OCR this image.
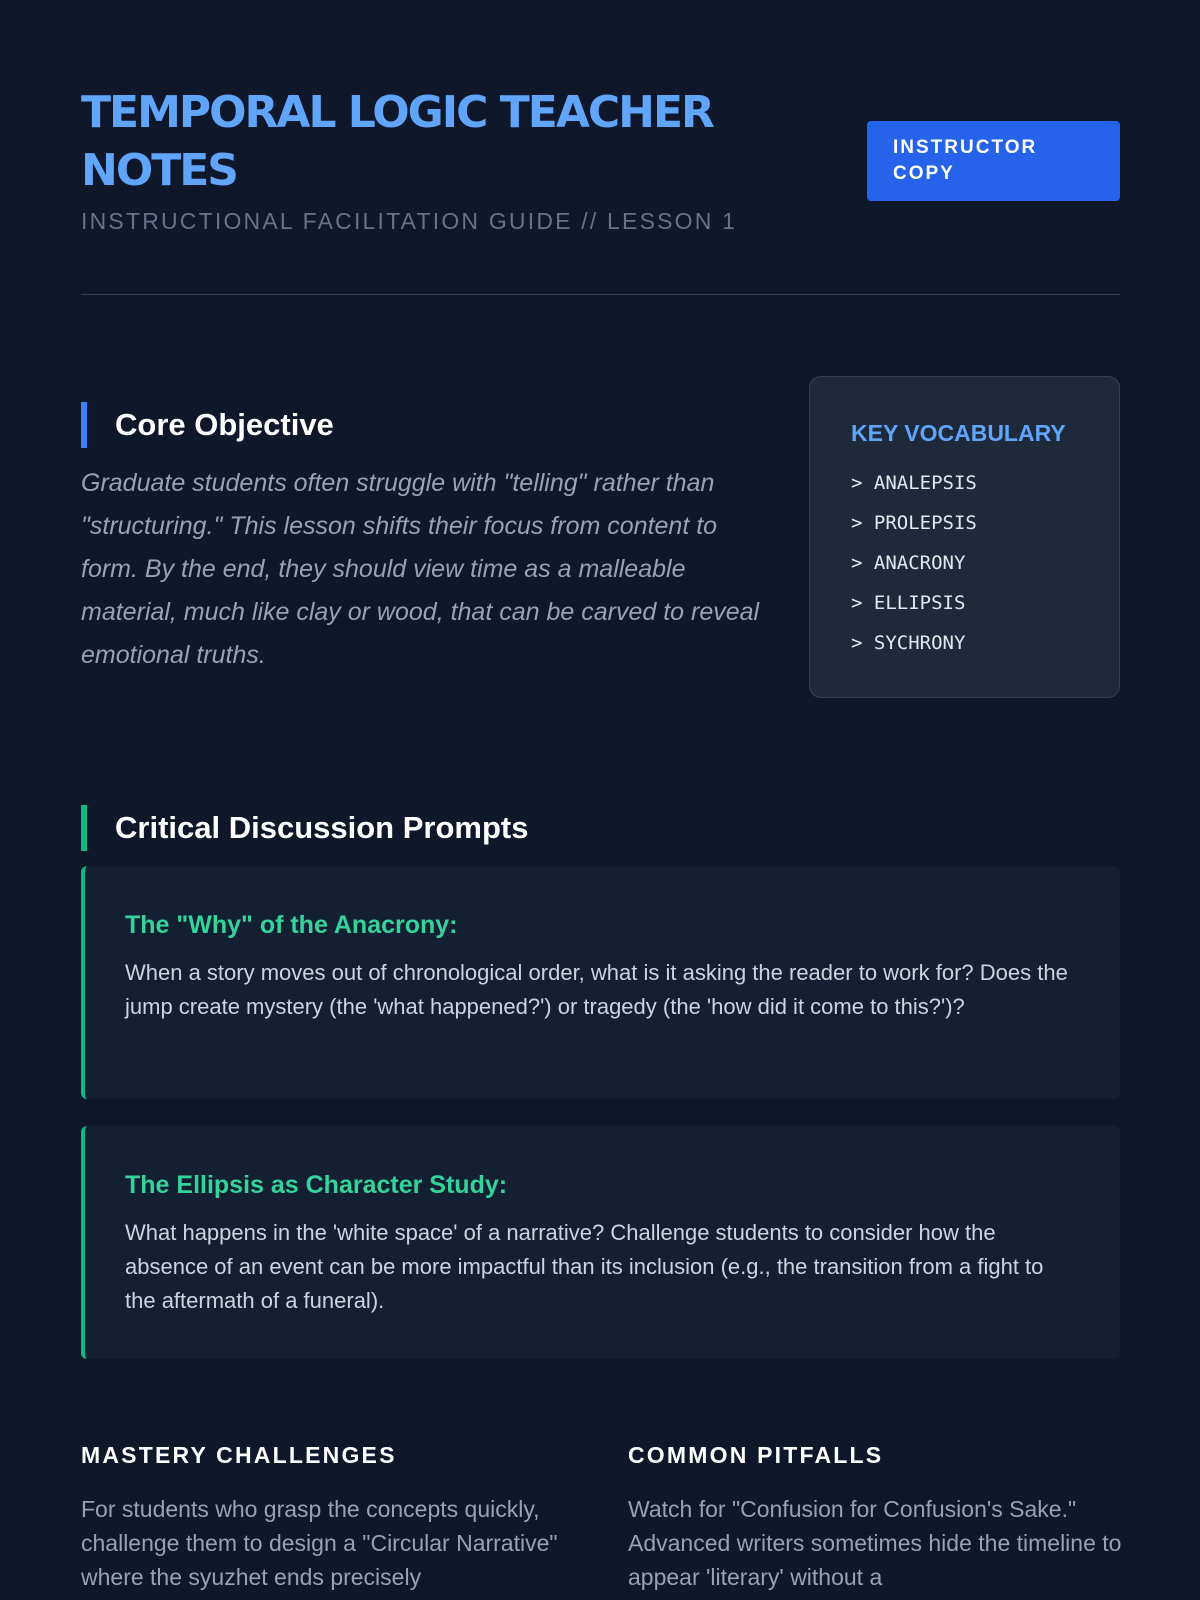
TEMPORAL LOGIC TEACHER NOTES

INSTRUCTIONAL FACILITATION GUIDE // LESSON 1

INSTRUCTOR COPY
Core Objective

Graduate students often struggle with "telling" rather than "structuring." This lesson shifts their focus from content to form. By the end, they should view time as a malleable material, much like clay or wood, that can be carved to reveal emotional truths.

KEY VOCABULARY
> ANALEPSIS
> PROLEPSIS
> ANACRONY
> ELLIPSIS
> SYCHRONY
Critical Discussion Prompts
The "Why" of the Anacrony:

When a story moves out of chronological order, what is it asking the reader to work for? Does the jump create mystery (the 'what happened?') or tragedy (the 'how did it come to this?')?

The Ellipsis as Character Study:

What happens in the 'white space' of a narrative? Challenge students to consider how the absence of an event can be more impactful than its inclusion (e.g., the transition from a fight to the aftermath of a funeral).

MASTERY CHALLENGES

For students who grasp the concepts quickly, challenge them to design a "Circular Narrative" where the syuzhet ends precisely

COMMON PITFALLS

Watch for "Confusion for Confusion's Sake." Advanced writers sometimes hide the timeline to appear 'literary' without a
